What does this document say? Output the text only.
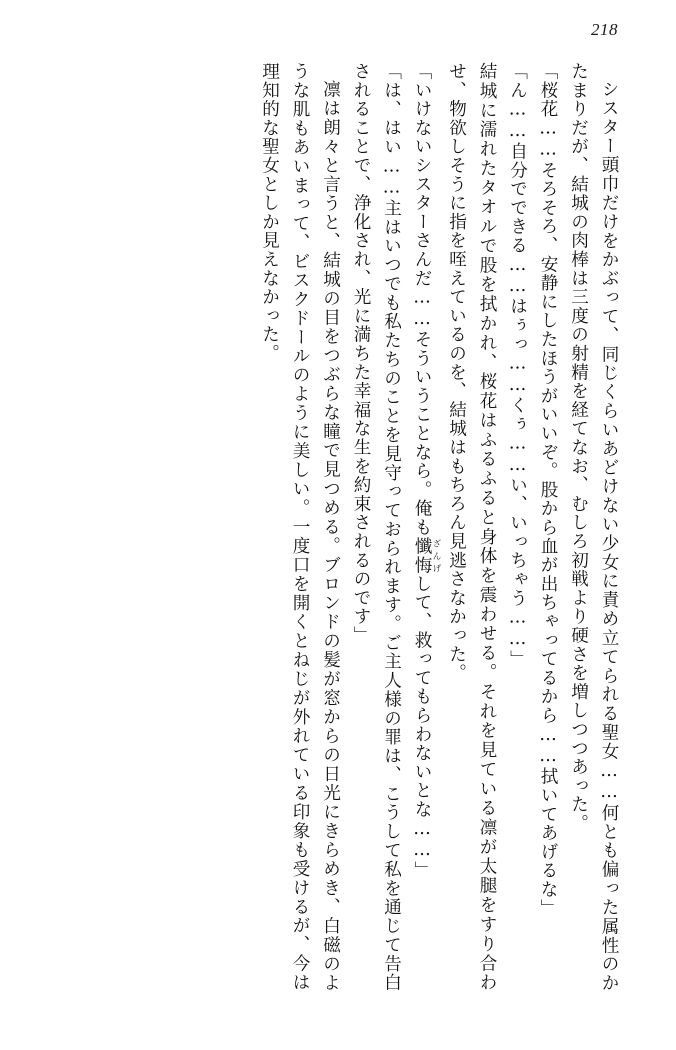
218

シスター頭巾だけをかぶって、同じくらいあどけない少女に責め立てられる聖女……何とも偏った属性のかたまりだが、結城の肉棒は三度の射精を経てなお、むしろ初戦より硬さを増しつつあった。

「桜花……そろそろ、安静にしたほうがいいぞ。股から血が出ちゃってるから……拭いてあげるな」

「ん……自分でできる……はぅっ……くぅ……い、いっちゃう……」

結城に濡れたタオルで股を拭かれ、桜花はふるふると身体を震わせる。それを見ている凛が太腿をすり合わせ、物欲しそうに指を咥えているのを、結城はもちろん見逃さなかった。

「いけないシスターさんだ……そういうことなら。俺も懺悔 ざんげして、救ってもらわないとな……」

「は、はい……主はいつでも私たちのことを見守っておられます。ご主人様の罪は、こうして私を通じて告白されることで、浄化され、光に満ちた幸福な生を約束されるのです」

凛は朗々と言うと、結城の目をつぶらな瞳で見つめる。ブロンドの髪が窓からの日光にきらめき、白磁のような肌もあいまって、ビスクドールのように美しい。一度口を開くとねじが外れている印象も受けるが、今は理知的な聖女としか見えなかった。
